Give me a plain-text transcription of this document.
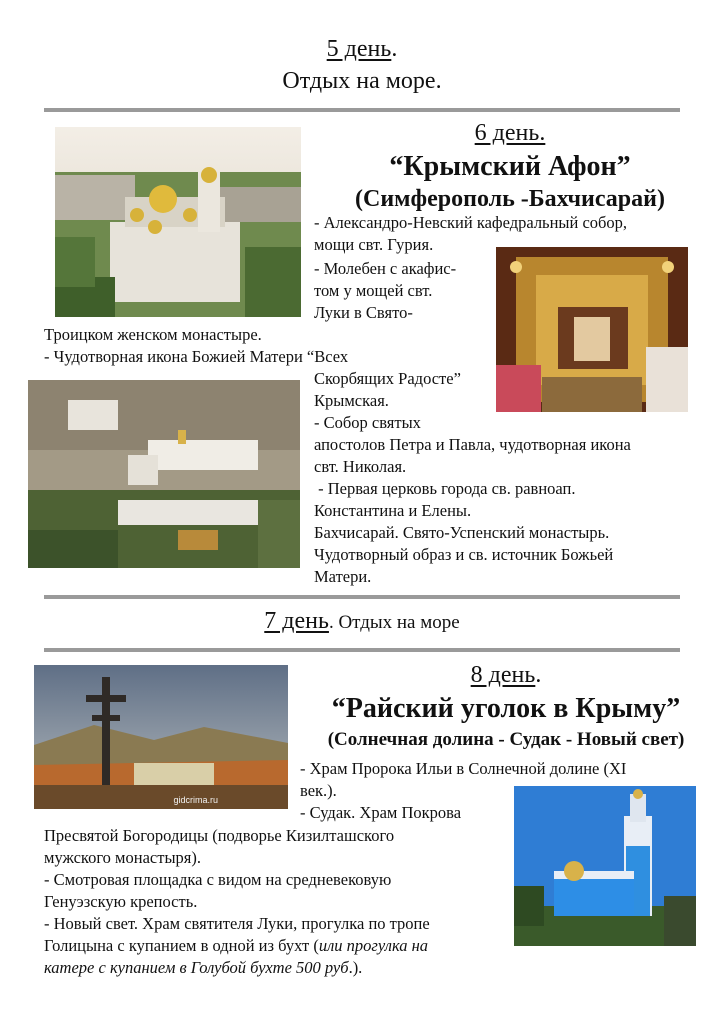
5 день.
Отдых на море.
6 день.
“Крымский Афон”
(Симферополь -Бахчисарай)
- Александро-Невский кафедральный собор,
мощи свт. Гурия.
- Молебен с акафис-
том у мощей свт.
Луки в Свято-
Троицком женском монастыре.
- Чудотворная икона Божией Матери “Всех
Скорбящих Радосте”
Крымская.
- Собор святых
апостолов Петра и Павла, чудотворная икона
свт. Николая.
- Первая церковь города св. равноап.
Константина и Елены.
Бахчисарай. Свято-Успенский монастырь.
Чудотворный образ и св. источник Божьей
Матери.
7 день. Отдых на море
gidcrima.ru
8 день.
“Райский уголок в Крыму”
(Солнечная долина - Судак - Новый свет)
- Храм Пророка Ильи в Солнечной долине (XI
век.).
- Судак. Храм Покрова
Пресвятой Богородицы (подворье Кизилташского
мужского монастыря).
- Смотровая площадка с видом на средневековую
Генуэзскую крепость.
- Новый свет. Храм святителя Луки, прогулка по тропе
Голицына с купанием в одной из бухт (или прогулка на
катере с купанием в Голубой бухте 500 руб.).
